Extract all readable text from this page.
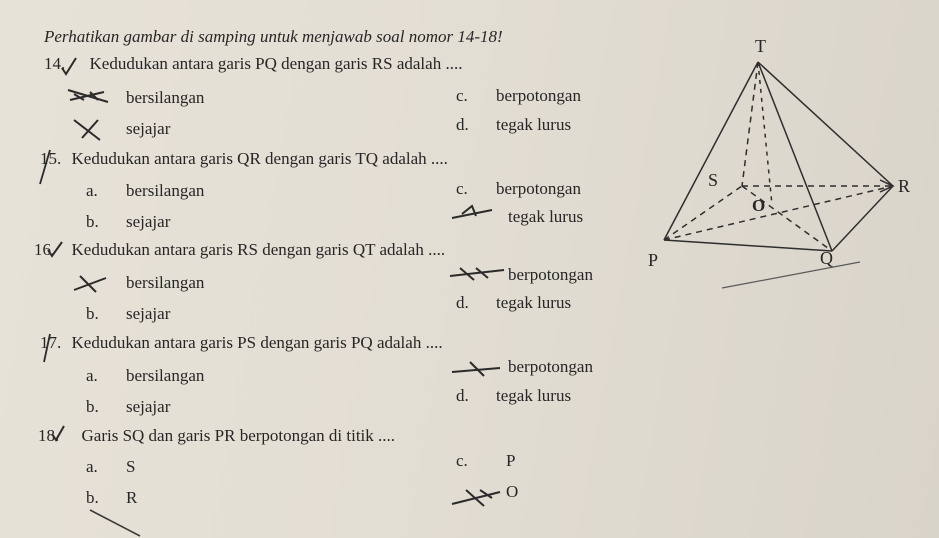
Perhatikan gambar di samping untuk menjawab soal nomor 14-18!
14. Kedudukan antara garis PQ dengan garis RS adalah ....
bersilangan
sejajar
c. berpotongan
d. tegak lurus
15. Kedudukan antara garis QR dengan garis TQ adalah ....
a. bersilangan
b. sejajar
c. berpotongan
tegak lurus
16. Kedudukan antara garis RS dengan garis QT adalah ....
bersilangan
b. sejajar
berpotongan
d. tegak lurus
17. Kedudukan antara garis PS dengan garis PQ adalah ....
a. bersilangan
b. sejajar
berpotongan
d. tegak lurus
18. Garis SQ dan garis PR berpotongan di titik ....
a. S
b. R
c. P
O
T
S	R
O
P	Q
